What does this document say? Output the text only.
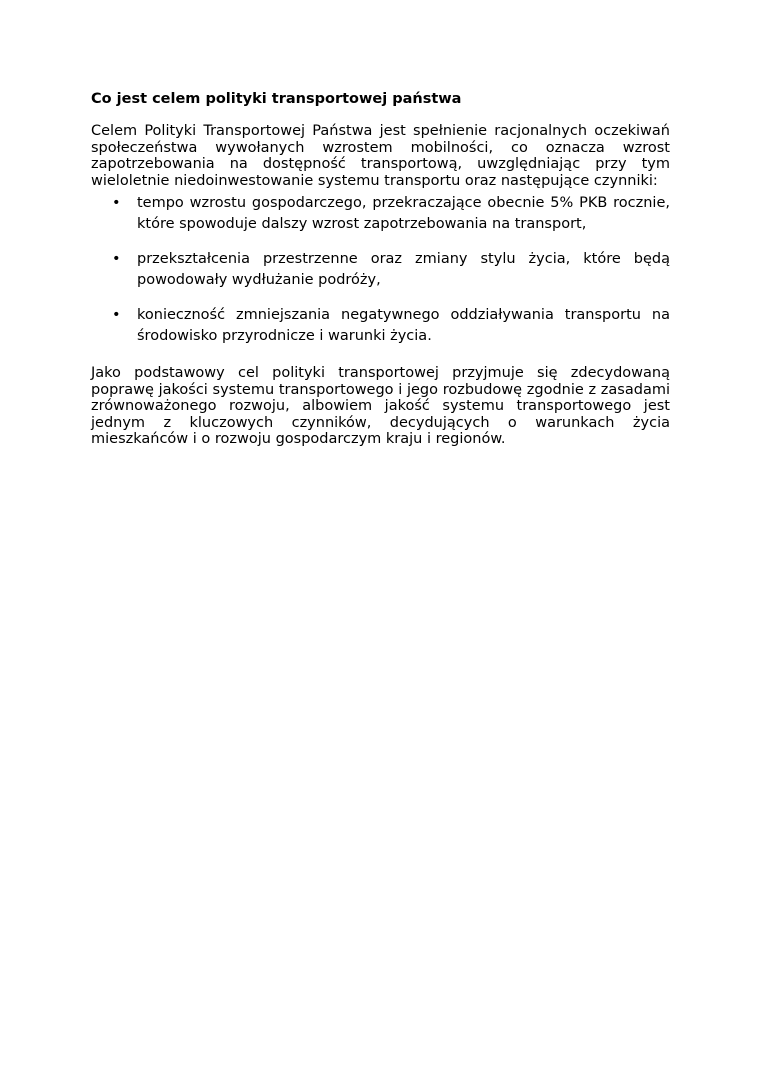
Co jest celem polityki transportowej państwa

Celem Polityki Transportowej Państwa jest spełnienie racjonalnych oczekiwań społeczeństwa wywołanych wzrostem mobilności, co oznacza wzrost zapotrzebowania na dostępność transportową, uwzględniając przy tym wieloletnie niedoinwestowanie systemu transportu oraz następujące czynniki:

• tempo wzrostu gospodarczego, przekraczające obecnie 5% PKB rocznie, które spowoduje dalszy wzrost zapotrzebowania na transport,
• przekształcenia przestrzenne oraz zmiany stylu życia, które będą powodowały wydłużanie podróży,
• konieczność zmniejszania negatywnego oddziaływania transportu na środowisko przyrodnicze i warunki życia.

Jako podstawowy cel polityki transportowej przyjmuje się zdecydowaną poprawę jakości systemu transportowego i jego rozbudowę zgodnie z zasadami zrównoważonego rozwoju, albowiem jakość systemu transportowego jest jednym z kluczowych czynników, decydujących o warunkach życia mieszkańców i o rozwoju gospodarczym kraju i regionów.
